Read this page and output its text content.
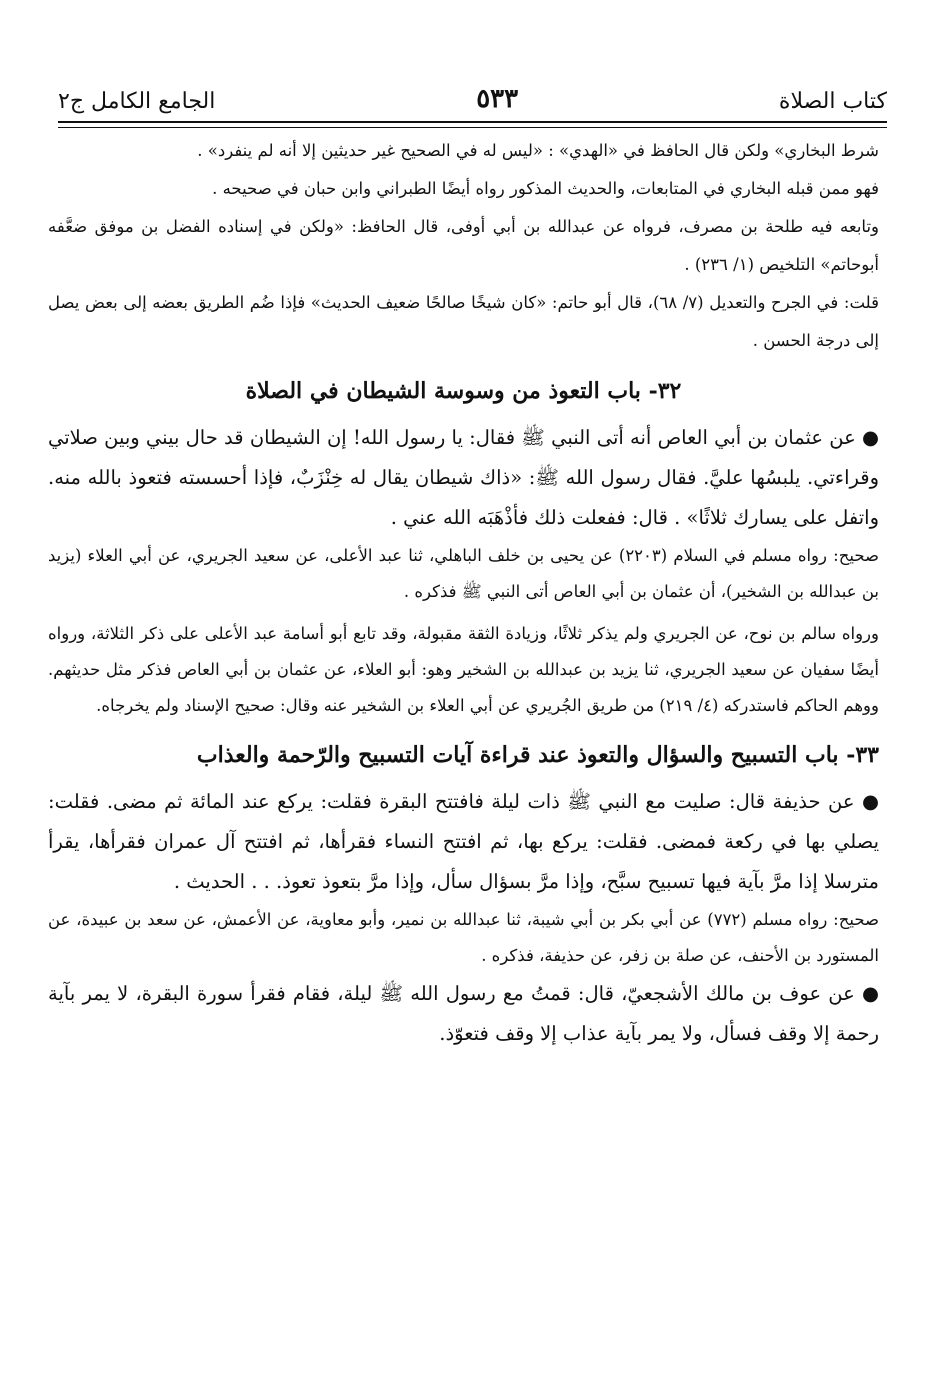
كتاب الصلاة
٥٣٣
الجامع الكامل ج٢

شرط البخاري» ولكن قال الحافظ في «الهدي» : «ليس له في الصحيح غير حديثين إلا أنه لم ينفرد» .

فهو ممن قبله البخاري في المتابعات، والحديث المذكور رواه أيضًا الطبراني وابن حبان في صحيحه .

وتابعه فيه طلحة بن مصرف، فرواه عن عبدالله بن أبي أوفى، قال الحافظ: «ولكن في إسناده الفضل بن موفق ضعَّفه أبوحاتم» التلخيص (١/ ٢٣٦) .

قلت: في الجرح والتعديل (٧/ ٦٨)، قال أبو حاتم: «كان شيخًا صالحًا ضعيف الحديث» فإذا ضُم الطريق بعضه إلى بعض يصل إلى درجة الحسن .

٣٢- باب التعوذ من وسوسة الشيطان في الصلاة

● عن عثمان بن أبي العاص أنه أتى النبي ﷺ فقال: يا رسول الله! إن الشيطان قد حال بيني وبين صلاتي وقراءتي. يلبسُها عليَّ. فقال رسول الله ﷺ: «ذاك شيطان يقال له خِنْزَبٌ، فإذا أحسسته فتعوذ بالله منه. واتفل على يسارك ثلاثًا» . قال: ففعلت ذلك فأذْهَبَه الله عني .

صحيح: رواه مسلم في السلام (٢٢٠٣) عن يحيى بن خلف الباهلي، ثنا عبد الأعلى، عن سعيد الجريري، عن أبي العلاء (يزيد بن عبدالله بن الشخير)، أن عثمان بن أبي العاص أتى النبي ﷺ فذكره .

ورواه سالم بن نوح، عن الجريري ولم يذكر ثلاثًا، وزيادة الثقة مقبولة، وقد تابع أبو أسامة عبد الأعلى على ذكر الثلاثة، ورواه أيضًا سفيان عن سعيد الجريري، ثنا يزيد بن عبدالله بن الشخير وهو: أبو العلاء، عن عثمان بن أبي العاص فذكر مثل حديثهم. ووهم الحاكم فاستدركه (٤/ ٢١٩) من طريق الجُريري عن أبي العلاء بن الشخير عنه وقال: صحيح الإسناد ولم يخرجاه.

٣٣- باب التسبيح والسؤال والتعوذ عند قراءة آيات التسبيح والرّحمة والعذاب

● عن حذيفة قال: صليت مع النبي ﷺ ذات ليلة فافتتح البقرة فقلت: يركع عند المائة ثم مضى. فقلت: يصلي بها في ركعة فمضى. فقلت: يركع بها، ثم افتتح النساء فقرأها، ثم افتتح آل عمران فقرأها، يقرأ مترسلا إذا مرَّ بآية فيها تسبيح سبَّح، وإذا مرَّ بسؤال سأل، وإذا مرَّ بتعوذ تعوذ. . . الحديث .

صحيح: رواه مسلم (٧٧٢) عن أبي بكر بن أبي شيبة، ثنا عبدالله بن نمير، وأبو معاوية، عن الأعمش، عن سعد بن عبيدة، عن المستورد بن الأحنف، عن صلة بن زفر، عن حذيفة، فذكره .

● عن عوف بن مالك الأشجعيّ، قال: قمتُ مع رسول الله ﷺ ليلة، فقام فقرأ سورة البقرة، لا يمر بآية رحمة إلا وقف فسأل، ولا يمر بآية عذاب إلا وقف فتعوّذ.
